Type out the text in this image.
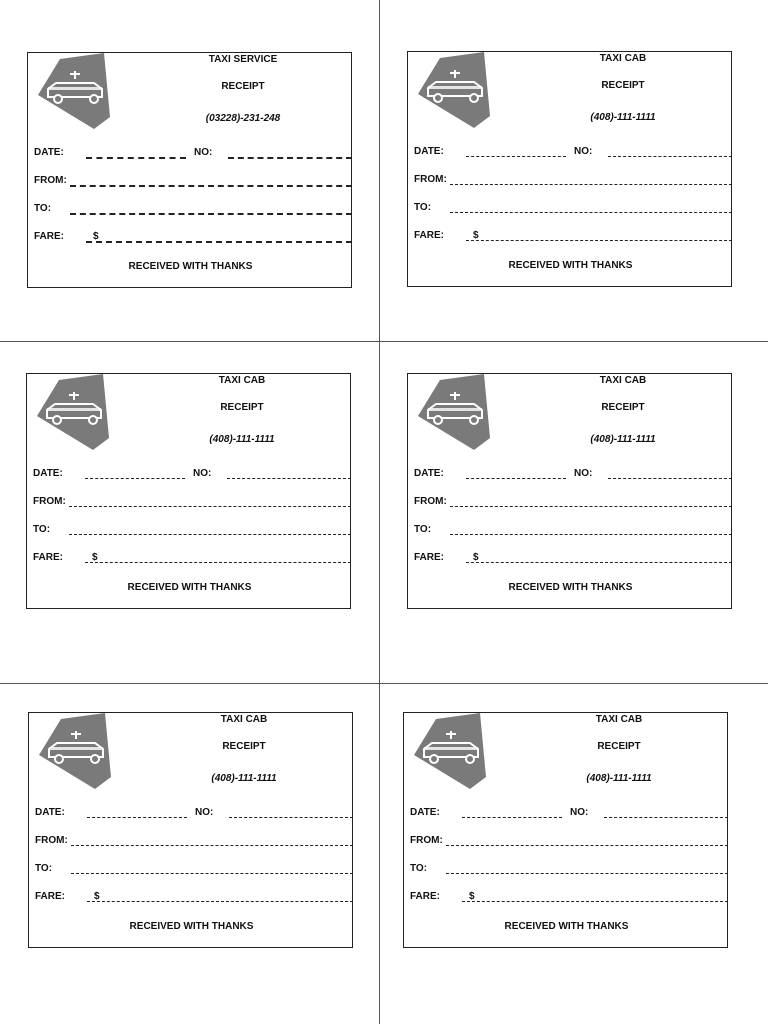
TAXI SERVICE
RECEIPT
(03228)-231-248
DATE:	NO:
FROM:
TO:
FARE:	$
RECEIVED WITH THANKS
TAXI CAB
RECEIPT
(408)-111-1111
DATE:	NO:
FROM:
TO:
FARE:	$
RECEIVED WITH THANKS
TAXI CAB
RECEIPT
(408)-111-1111
DATE:	NO:
FROM:
TO:
FARE:	$
RECEIVED WITH THANKS
TAXI CAB
RECEIPT
(408)-111-1111
DATE:	NO:
FROM:
TO:
FARE:	$
RECEIVED WITH THANKS
TAXI CAB
RECEIPT
(408)-111-1111
DATE:	NO:
FROM:
TO:
FARE:	$
RECEIVED WITH THANKS
TAXI CAB
RECEIPT
(408)-111-1111
DATE:	NO:
FROM:
TO:
FARE:	$
RECEIVED WITH THANKS
